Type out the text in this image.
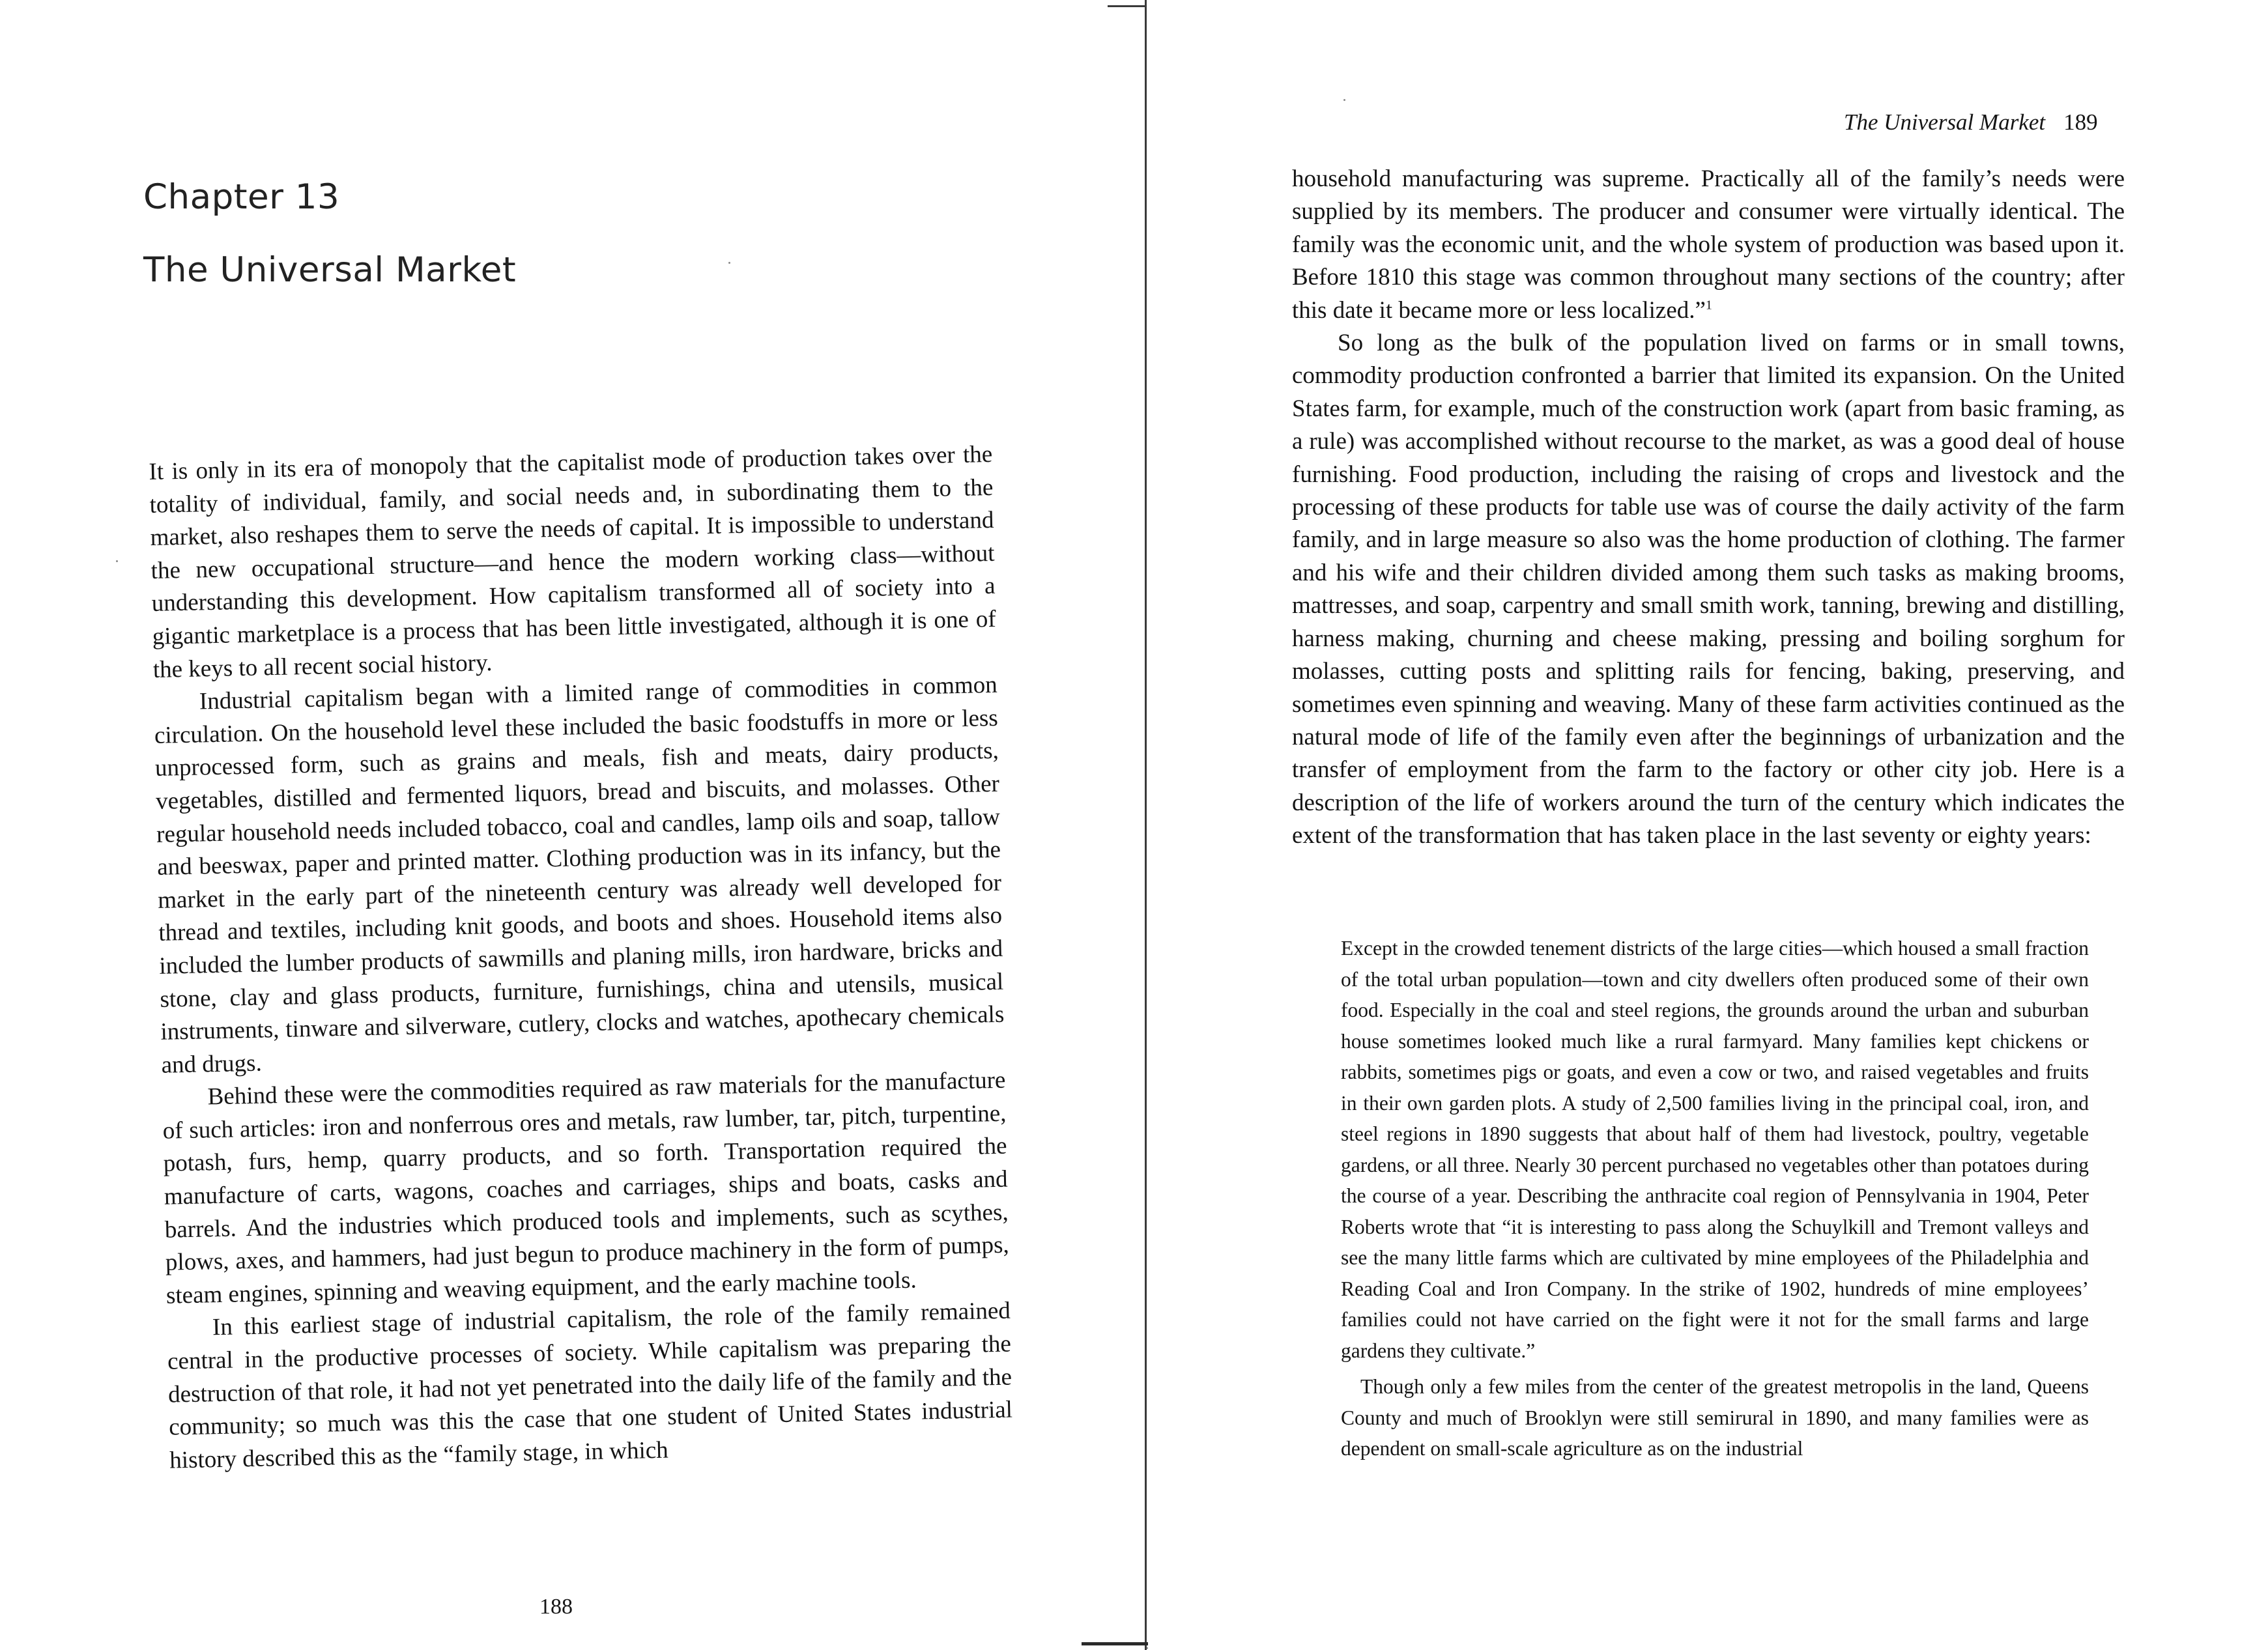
Chapter 13
The Universal Market

It is only in its era of monopoly that the capitalist mode of production takes over the totality of individual, family, and social needs and, in subordinating them to the market, also reshapes them to serve the needs of capital. It is impossible to understand the new occupational structure—and hence the modern working class—without understanding this development. How capitalism transformed all of society into a gigantic marketplace is a process that has been little investigated, although it is one of the keys to all recent social history.

Industrial capitalism began with a limited range of commodities in common circulation. On the household level these included the basic foodstuffs in more or less unprocessed form, such as grains and meals, fish and meats, dairy products, vegetables, distilled and fermented liquors, bread and biscuits, and molasses. Other regular household needs included tobacco, coal and candles, lamp oils and soap, tallow and beeswax, paper and printed matter. Clothing production was in its infancy, but the market in the early part of the nineteenth century was already well developed for thread and textiles, including knit goods, and boots and shoes. Household items also included the lumber products of sawmills and planing mills, iron hardware, bricks and stone, clay and glass products, furniture, furnishings, china and utensils, musical instruments, tinware and silverware, cutlery, clocks and watches, apothecary chemicals and drugs.

Behind these were the commodities required as raw materials for the manufacture of such articles: iron and nonferrous ores and metals, raw lumber, tar, pitch, turpentine, potash, furs, hemp, quarry products, and so forth. Transportation required the manufacture of carts, wagons, coaches and carriages, ships and boats, casks and barrels. And the industries which produced tools and implements, such as scythes, plows, axes, and hammers, had just begun to produce machinery in the form of pumps, steam engines, spinning and weaving equipment, and the early machine tools.

In this earliest stage of industrial capitalism, the role of the family remained central in the productive processes of society. While capitalism was preparing the destruction of that role, it had not yet penetrated into the daily life of the family and the community; so much was this the case that one student of United States industrial history described this as the “family stage, in which

188

The Universal Market 189

household manufacturing was supreme. Practically all of the family’s needs were supplied by its members. The producer and consumer were virtually identical. The family was the economic unit, and the whole system of production was based upon it. Before 1810 this stage was common throughout many sections of the country; after this date it became more or less localized.”$^1$

So long as the bulk of the population lived on farms or in small towns, commodity production confronted a barrier that limited its expansion. On the United States farm, for example, much of the construction work (apart from basic framing, as a rule) was accomplished without recourse to the market, as was a good deal of house furnishing. Food production, including the raising of crops and livestock and the processing of these products for table use was of course the daily activity of the farm family, and in large measure so also was the home production of clothing. The farmer and his wife and their children divided among them such tasks as making brooms, mattresses, and soap, carpentry and small smith work, tanning, brewing and distilling, harness making, churning and cheese making, pressing and boiling sorghum for molasses, cutting posts and splitting rails for fencing, baking, preserving, and sometimes even spinning and weaving. Many of these farm activities continued as the natural mode of life of the family even after the beginnings of urbanization and the transfer of employment from the farm to the factory or other city job. Here is a description of the life of workers around the turn of the century which indicates the extent of the transformation that has taken place in the last seventy or eighty years:

Except in the crowded tenement districts of the large cities—which housed a small fraction of the total urban population—town and city dwellers often produced some of their own food. Especially in the coal and steel regions, the grounds around the urban and suburban house sometimes looked much like a rural farmyard. Many families kept chickens or rabbits, sometimes pigs or goats, and even a cow or two, and raised vegetables and fruits in their own garden plots. A study of 2,500 families living in the principal coal, iron, and steel regions in 1890 suggests that about half of them had livestock, poultry, vegetable gardens, or all three. Nearly 30 percent purchased no vegetables other than potatoes during the course of a year. Describing the anthracite coal region of Pennsylvania in 1904, Peter Roberts wrote that “it is interesting to pass along the Schuylkill and Tremont valleys and see the many little farms which are cultivated by mine employees of the Philadelphia and Reading Coal and Iron Company. In the strike of 1902, hundreds of mine employees’ families could not have carried on the fight were it not for the small farms and large gardens they cultivate.”

Though only a few miles from the center of the greatest metropolis in the land, Queens County and much of Brooklyn were still semirural in 1890, and many families were as dependent on small-scale agriculture as on the industrial
